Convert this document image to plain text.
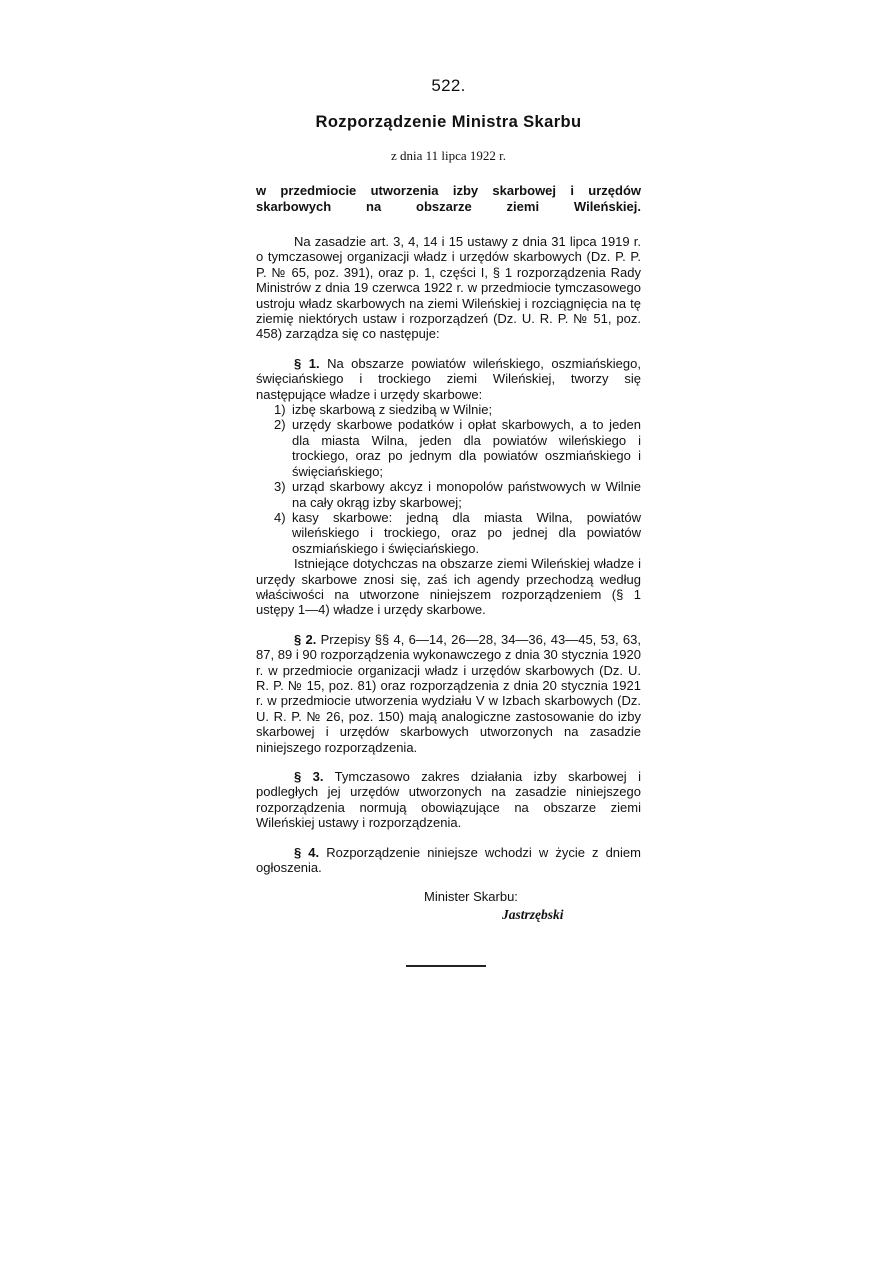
522.
Rozporządzenie Ministra Skarbu
z dnia 11 lipca 1922 r.
w przedmiocie utworzenia izby skarbowej i urzędów skarbowych na obszarze ziemi Wileńskiej.

Na zasadzie art. 3, 4, 14 i 15 ustawy z dnia 31 lipca 1919 r. o tymczasowej organizacji władz i urzędów skarbowych (Dz. P. P. P. № 65, poz. 391), oraz p. 1, części I, § 1 rozporządzenia Rady Ministrów z dnia 19 czerwca 1922 r. w przedmiocie tymczasowego ustroju władz skarbowych na ziemi Wileńskiej i rozciągnięcia na tę ziemię niektórych ustaw i rozporządzeń (Dz. U. R. P. № 51, poz. 458) zarządza się co następuje:

§ 1. Na obszarze powiatów wileńskiego, oszmiańskiego, święciańskiego i trockiego ziemi Wileńskiej, tworzy się następujące władze i urzędy skarbowe:

1) izbę skarbową z siedzibą w Wilnie;
2) urzędy skarbowe podatków i opłat skarbowych, a to jeden dla miasta Wilna, jeden dla powiatów wileńskiego i trockiego, oraz po jednym dla powiatów oszmiańskiego i święciańskiego;
3) urząd skarbowy akcyz i monopolów państwowych w Wilnie na cały okrąg izby skarbowej;
4) kasy skarbowe: jedną dla miasta Wilna, powiatów wileńskiego i trockiego, oraz po jednej dla powiatów oszmiańskiego i święciańskiego.

Istniejące dotychczas na obszarze ziemi Wileńskiej władze i urzędy skarbowe znosi się, zaś ich agendy przechodzą według właściwości na utworzone niniejszem rozporządzeniem (§ 1 ustępy 1—4) władze i urzędy skarbowe.

§ 2. Przepisy §§ 4, 6—14, 26—28, 34—36, 43—45, 53, 63, 87, 89 i 90 rozporządzenia wykonawczego z dnia 30 stycznia 1920 r. w przedmiocie organizacji władz i urzędów skarbowych (Dz. U. R. P. № 15, poz. 81) oraz rozporządzenia z dnia 20 stycznia 1921 r. w przedmiocie utworzenia wydziału V w Izbach skarbowych (Dz. U. R. P. № 26, poz. 150) mają analogiczne zastosowanie do izby skarbowej i urzędów skarbowych utworzonych na zasadzie niniejszego rozporządzenia.

§ 3. Tymczasowo zakres działania izby skarbowej i podległych jej urzędów utworzonych na zasadzie niniejszego rozporządzenia normują obowiązujące na obszarze ziemi Wileńskiej ustawy i rozporządzenia.

§ 4. Rozporządzenie niniejsze wchodzi w życie z dniem ogłoszenia.

Minister Skarbu:
Jastrzębski
